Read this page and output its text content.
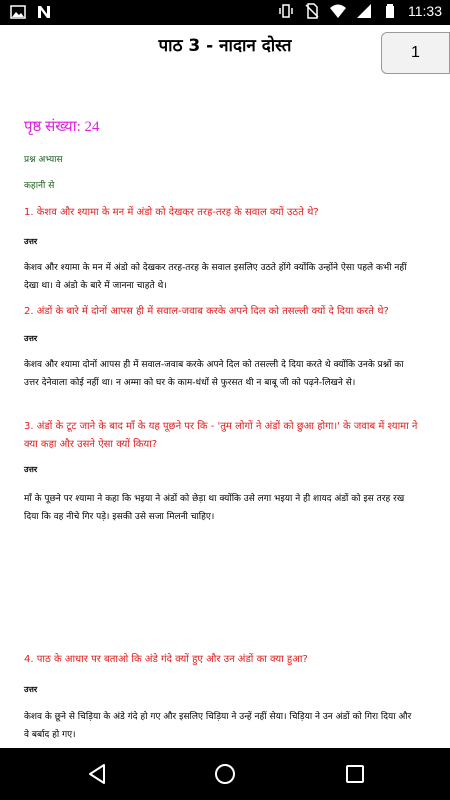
11:33
पाठ 3 - नादान दोस्त	1
पृष्ठ संख्या: 24
प्रश्न अभ्यास
कहानी से
1. केशव और श्यामा के मन में अंडो को देखकर तरह-तरह के सवाल क्यों उठते थे?
उत्तर
केशव और श्यामा के मन में अंडो को देखकर तरह-तरह के सवाल इसलिए उठते होंगे क्योंकि उन्होंने ऐसा पहले कभी नहीं देखा था। वे अंडो के बारे में जानना चाहते थे।
2. अंडों के बारे में दोनों आपस ही में सवाल-जवाब करके अपने दिल को तसल्ली क्यों दे दिया करते थे?
उत्तर
केशव और श्यामा दोनों आपस ही में सवाल-जवाब करके अपने दिल को तसल्ली दे दिया करते थे क्योंकि उनके प्रश्नों का उत्तर देनेवाला कोई नहीं था। न अम्मा को घर के काम-धंधों से फुरसत थी न बाबू जी को पढ़ने-लिखने से।
3. अंडों के टूट जाने के बाद माँ के यह पूछने पर कि - 'तुम लोगों ने अंडों को छुआ होगा।' के जवाब में श्यामा ने क्या कहा और उसने ऐसा क्यों किया?
उत्तर
माँ के पूछने पर श्यामा ने कहा कि भइया ने अंडों को छेड़ा था क्योंकि उसे लगा भइया ने ही शायद अंडों को इस तरह रख दिया कि वह नीचे गिर पड़े। इसकी उसे सजा मिलनी चाहिए।
4. पाठ के आधार पर बताओ कि अंडे गंदे क्यों हुए और उन अंडों का क्या हुआ?
उत्तर
केशव के छूने से चिड़िया के अंडे गंदे हो गए और इसलिए चिड़िया ने उन्हें नहीं सेया। चिड़िया ने उन अंडों को गिरा दिया और वे बर्बाद हो गए।
